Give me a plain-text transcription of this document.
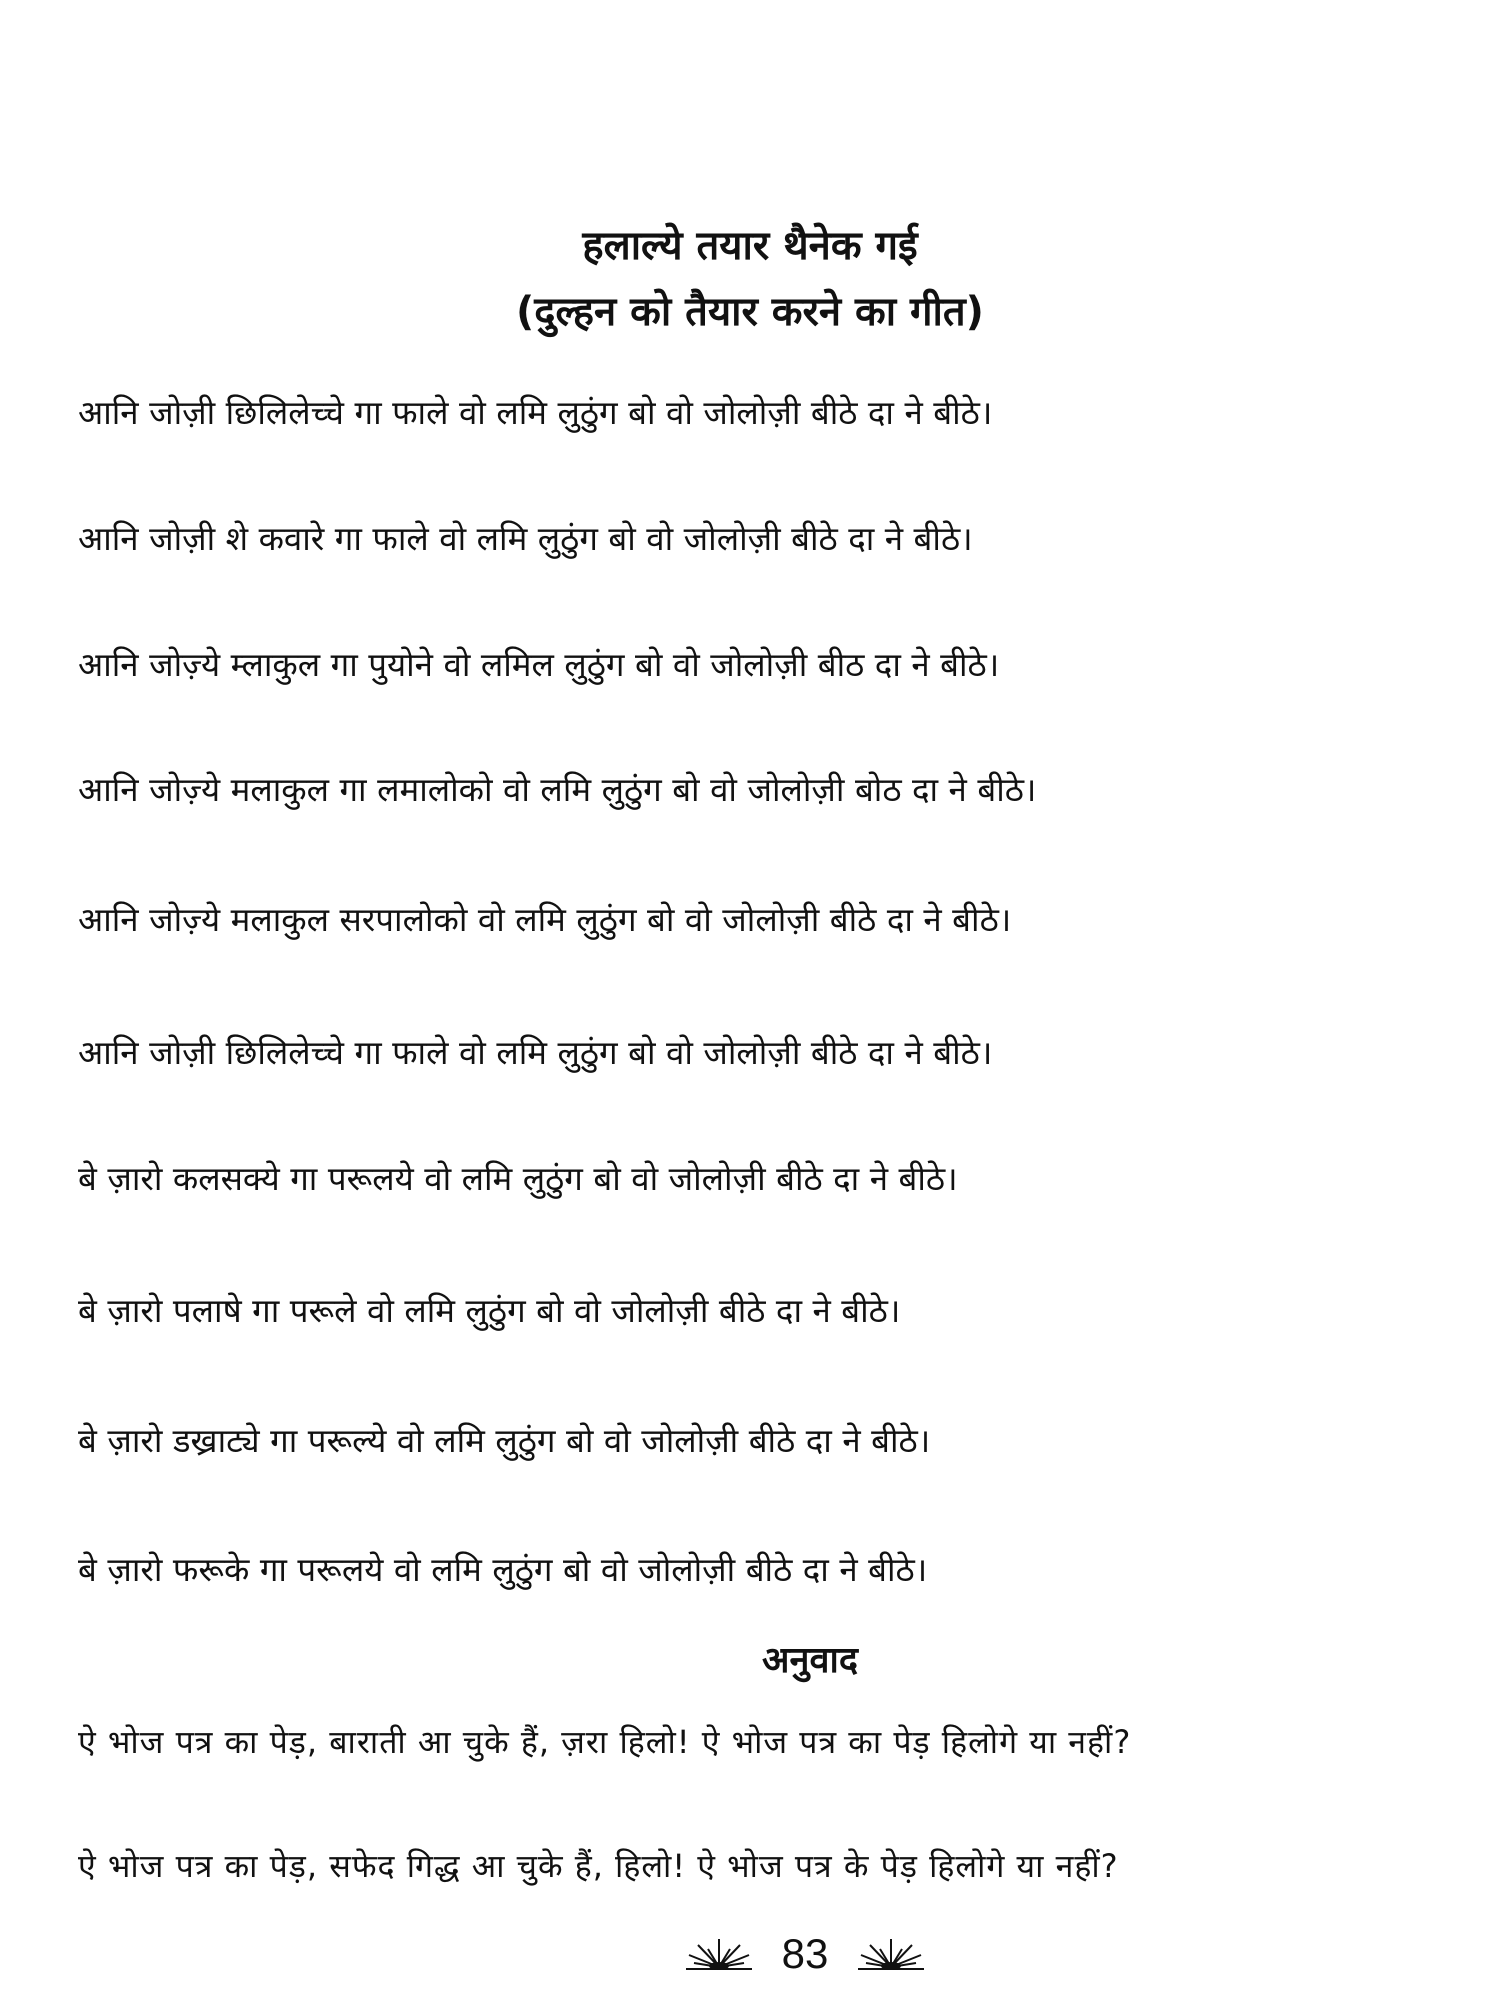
हलाल्ये तयार थैनेक गई
(दुल्हन को तैयार करने का गीत)
आनि जोज़ी छिलिलेच्चे गा फाले वो लमि लुठुंग बो वो जोलोज़ी बीठे दा ने बीठे।
आनि जोज़ी शे कवारे गा फाले वो लमि लुठुंग बो वो जोलोज़ी बीठे दा ने बीठे।
आनि जोज़्ये म्लाकुल गा पुयोने वो लमिल लुठुंग बो वो जोलोज़ी बीठ दा ने बीठे।
आनि जोज़्ये मलाकुल गा लमालोको वो लमि लुठुंग बो वो जोलोज़ी बोठ दा ने बीठे।
आनि जोज़्ये मलाकुल सरपालोको वो लमि लुठुंग बो वो जोलोज़ी बीठे दा ने बीठे।
आनि जोज़ी छिलिलेच्चे गा फाले वो लमि लुठुंग बो वो जोलोज़ी बीठे दा ने बीठे।
बे ज़ारो कलसक्ये गा परूलये वो लमि लुठुंग बो वो जोलोज़ी बीठे दा ने बीठे।
बे ज़ारो पलाषे गा परूले वो लमि लुठुंग बो वो जोलोज़ी बीठे दा ने बीठे।
बे ज़ारो डख्राट्ये गा परूल्ये वो लमि लुठुंग बो वो जोलोज़ी बीठे दा ने बीठे।
बे ज़ारो फरूके गा परूलये वो लमि लुठुंग बो वो जोलोज़ी बीठे दा ने बीठे।
अनुवाद
ऐ भोज पत्र का पेड़, बाराती आ चुके हैं, ज़रा हिलो! ऐ भोज पत्र का पेड़ हिलोगे या नहीं?
ऐ भोज पत्र का पेड़, सफेद गिद्ध आ चुके हैं, हिलो! ऐ भोज पत्र के पेड़ हिलोगे या नहीं?
83
